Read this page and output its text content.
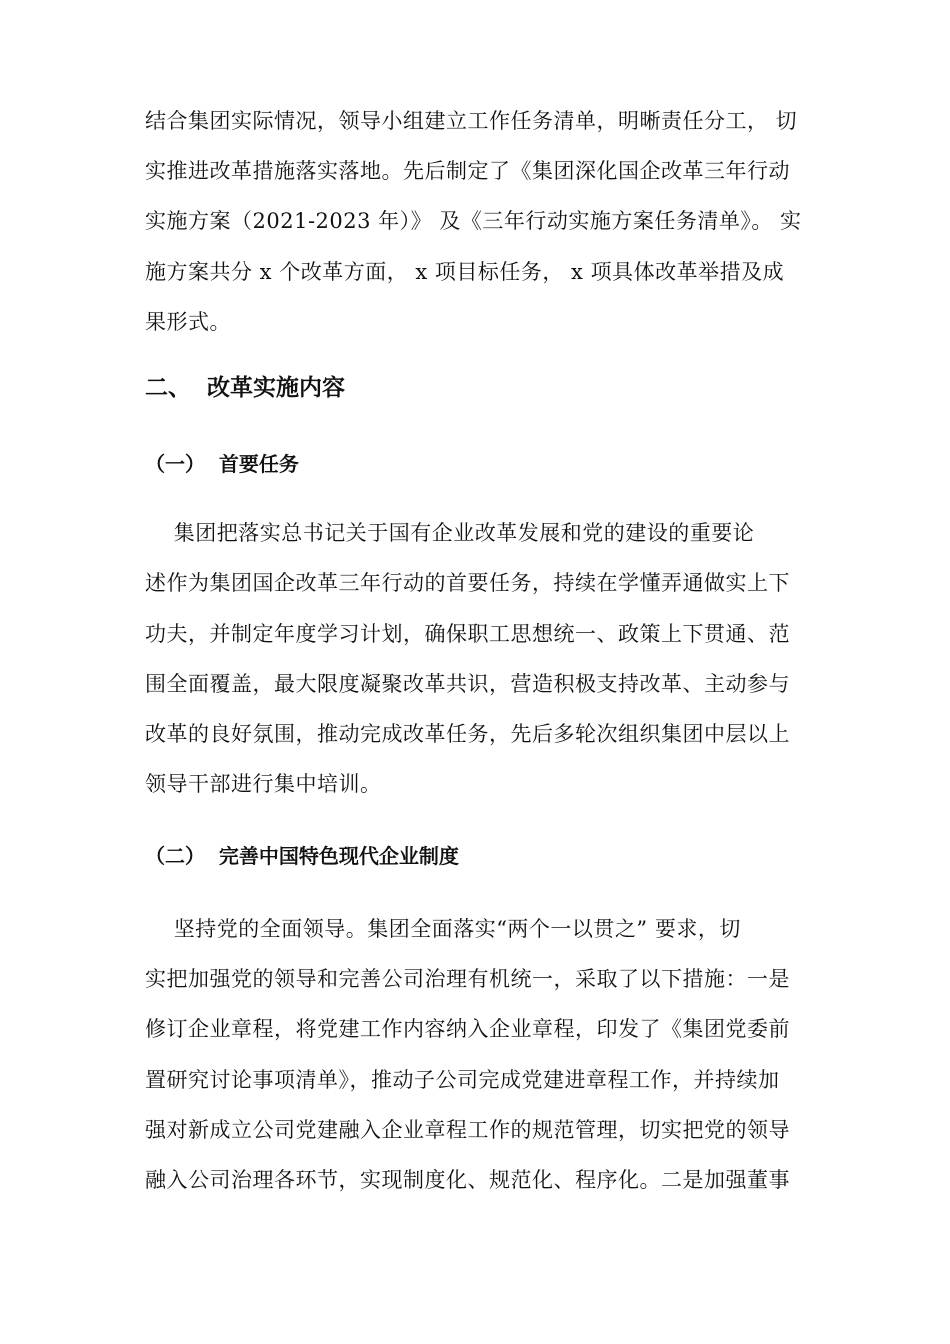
结合集团实际情况，领导小组建立工作任务清单，明晰责任分工， 切
实推进改革措施落实落地。先后制定了《集团深化国企改革三年行动
实施方案（2021-2023 年）》 及《三年行动实施方案任务清单》。 实
施方案共分 x 个改革方面， x 项目标任务， x 项具体改革举措及成
果形式。
二、  改革实施内容
（一）  首要任务
集团把落实总书记关于国有企业改革发展和党的建设的重要论
述作为集团国企改革三年行动的首要任务，持续在学懂弄通做实上下
功夫，并制定年度学习计划，确保职工思想统一、政策上下贯通、范
围全面覆盖，最大限度凝聚改革共识，营造积极支持改革、主动参与
改革的良好氛围，推动完成改革任务，先后多轮次组织集团中层以上
领导干部进行集中培训。
（二）  完善中国特色现代企业制度
坚持党的全面领导。集团全面落实“两个一以贯之” 要求，切
实把加强党的领导和完善公司治理有机统一，采取了以下措施：一是
修订企业章程，将党建工作内容纳入企业章程，印发了《集团党委前
置研究讨论事项清单》，推动子公司完成党建进章程工作，并持续加
强对新成立公司党建融入企业章程工作的规范管理，切实把党的领导
融入公司治理各环节，实现制度化、规范化、程序化。二是加强董事
